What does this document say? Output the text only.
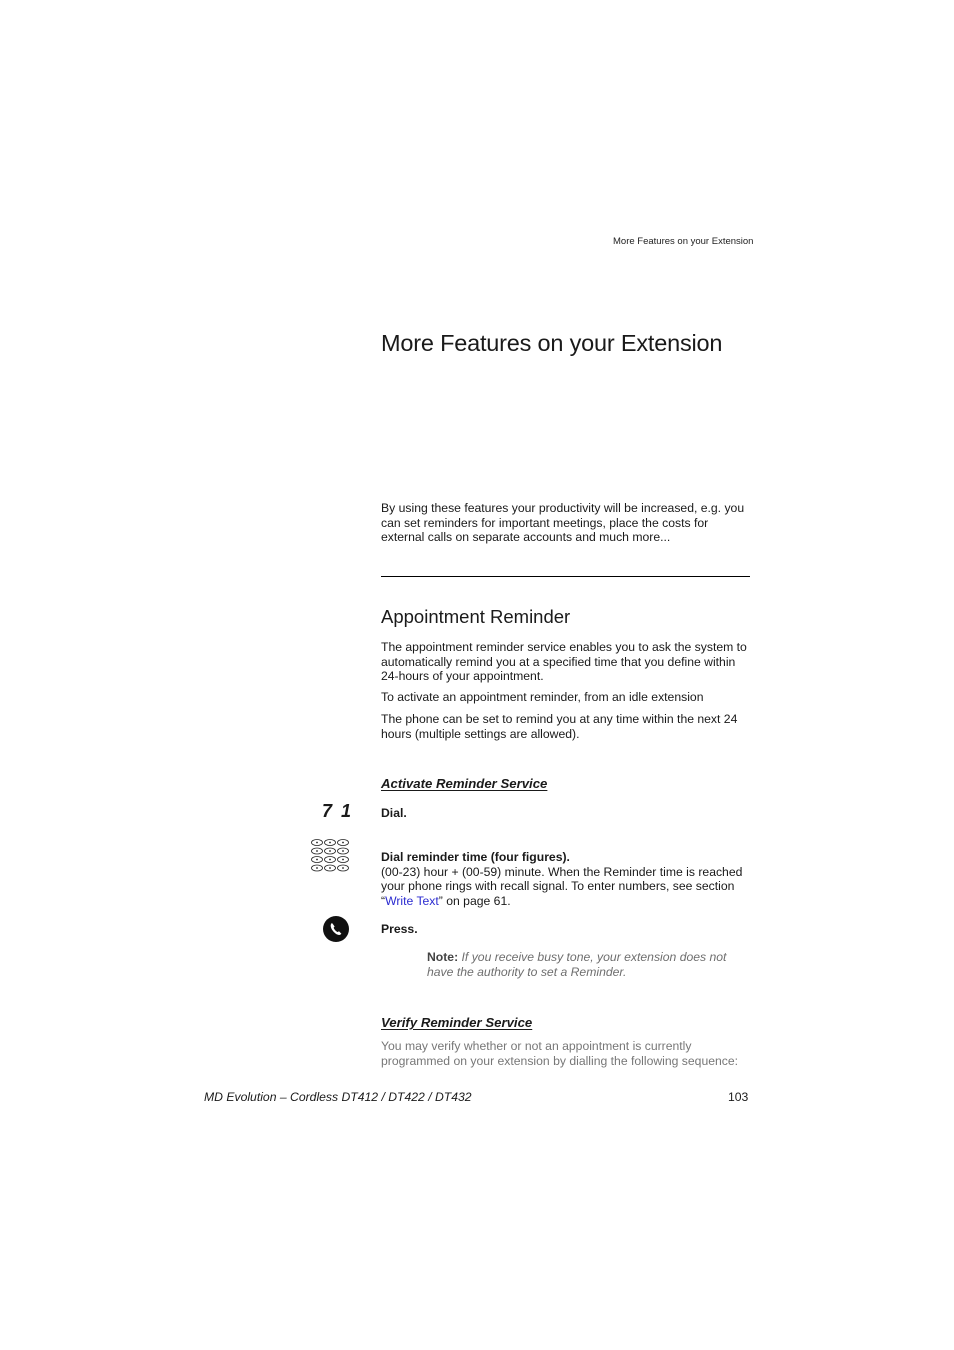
More Features on your Extension
More Features on your Extension

By using these features your productivity will be increased, e.g. you can set reminders for important meetings, place the costs for external calls on separate accounts and much more...

Appointment Reminder

The appointment reminder service enables you to ask the system to automatically remind you at a specified time that you define within 24-hours of your appointment.

To activate an appointment reminder, from an idle extension

The phone can be set to remind you at any time within the next 24 hours (multiple settings are allowed).

Activate Reminder Service
7 1 Dial.

Dial reminder time (four figures).
(00-23) hour + (00-59) minute. When the Reminder time is reached your phone rings with recall signal. To enter numbers, see section “Write Text” on page 61.

Press.

Note: If you receive busy tone, your extension does not have the authority to set a Reminder.

Verify Reminder Service

You may verify whether or not an appointment is currently programmed on your extension by dialling the following sequence:

MD Evolution – Cordless DT412 / DT422 / DT432	103
